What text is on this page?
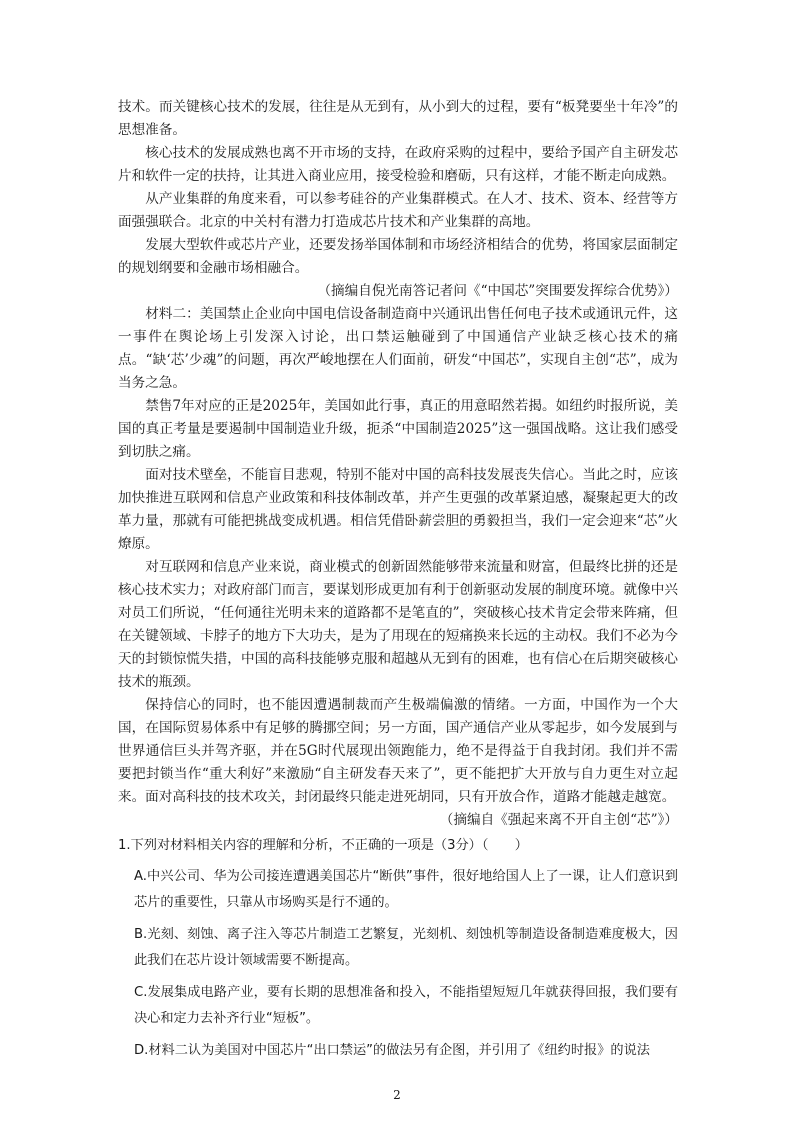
技术。而关键核心技术的发展，往往是从无到有，从小到大的过程，要有“板凳要坐十年冷”的思想准备。

核心技术的发展成熟也离不开市场的支持，在政府采购的过程中，要给予国产自主研发芯片和软件一定的扶持，让其进入商业应用，接受检验和磨砺，只有这样，才能不断走向成熟。

从产业集群的角度来看，可以参考硅谷的产业集群模式。在人才、技术、资本、经营等方面强强联合。北京的中关村有潜力打造成芯片技术和产业集群的高地。

发展大型软件或芯片产业，还要发扬举国体制和市场经济相结合的优势，将国家层面制定的规划纲要和金融市场相融合。

（摘编自倪光南答记者问《“中国芯”突围要发挥综合优势》）

材料二：美国禁止企业向中国电信设备制造商中兴通讯出售任何电子技术或通讯元件，这一事件在舆论场上引发深入讨论，出口禁运触碰到了中国通信产业缺乏核心技术的痛点。“缺‘芯’少魂”的问题，再次严峻地摆在人们面前，研发“中国芯”，实现自主创“芯”，成为当务之急。

禁售7年对应的正是2025年，美国如此行事，真正的用意昭然若揭。如纽约时报所说，美国的真正考量是要遏制中国制造业升级，扼杀“中国制造2025”这一强国战略。这让我们感受到切肤之痛。

面对技术壁垒，不能盲目悲观，特别不能对中国的高科技发展丧失信心。当此之时，应该加快推进互联网和信息产业政策和科技体制改革，并产生更强的改革紧迫感，凝聚起更大的改革力量，那就有可能把挑战变成机遇。相信凭借卧薪尝胆的勇毅担当，我们一定会迎来“芯”火燎原。

对互联网和信息产业来说，商业模式的创新固然能够带来流量和财富，但最终比拼的还是核心技术实力；对政府部门而言，要谋划形成更加有利于创新驱动发展的制度环境。就像中兴对员工们所说，“任何通往光明未来的道路都不是笔直的”，突破核心技术肯定会带来阵痛，但在关键领域、卡脖子的地方下大功夫，是为了用现在的短痛换来长远的主动权。我们不必为今天的封锁惊慌失措，中国的高科技能够克服和超越从无到有的困难，也有信心在后期突破核心技术的瓶颈。

保持信心的同时，也不能因遭遇制裁而产生极端偏激的情绪。一方面，中国作为一个大国，在国际贸易体系中有足够的腾挪空间；另一方面，国产通信产业从零起步，如今发展到与世界通信巨头并驾齐驱，并在5G时代展现出领跑能力，绝不是得益于自我封闭。我们并不需要把封锁当作“重大利好”来激励“自主研发春天来了”，更不能把扩大开放与自力更生对立起来。面对高科技的技术攻关，封闭最终只能走进死胡同，只有开放合作，道路才能越走越宽。

（摘编自《强起来离不开自主创“芯”》）

1.下列对材料相关内容的理解和分析，不正确的一项是（3分）（　　）

A.中兴公司、华为公司接连遭遇美国芯片“断供”事件，很好地给国人上了一课，让人们意识到芯片的重要性，只靠从市场购买是行不通的。

B.光刻、刻蚀、离子注入等芯片制造工艺繁复，光刻机、刻蚀机等制造设备制造难度极大，因此我们在芯片设计领域需要不断提高。

C.发展集成电路产业，要有长期的思想准备和投入，不能指望短短几年就获得回报，我们要有决心和定力去补齐行业“短板”。

D.材料二认为美国对中国芯片“出口禁运”的做法另有企图，并引用了《纽约时报》的说法

2
